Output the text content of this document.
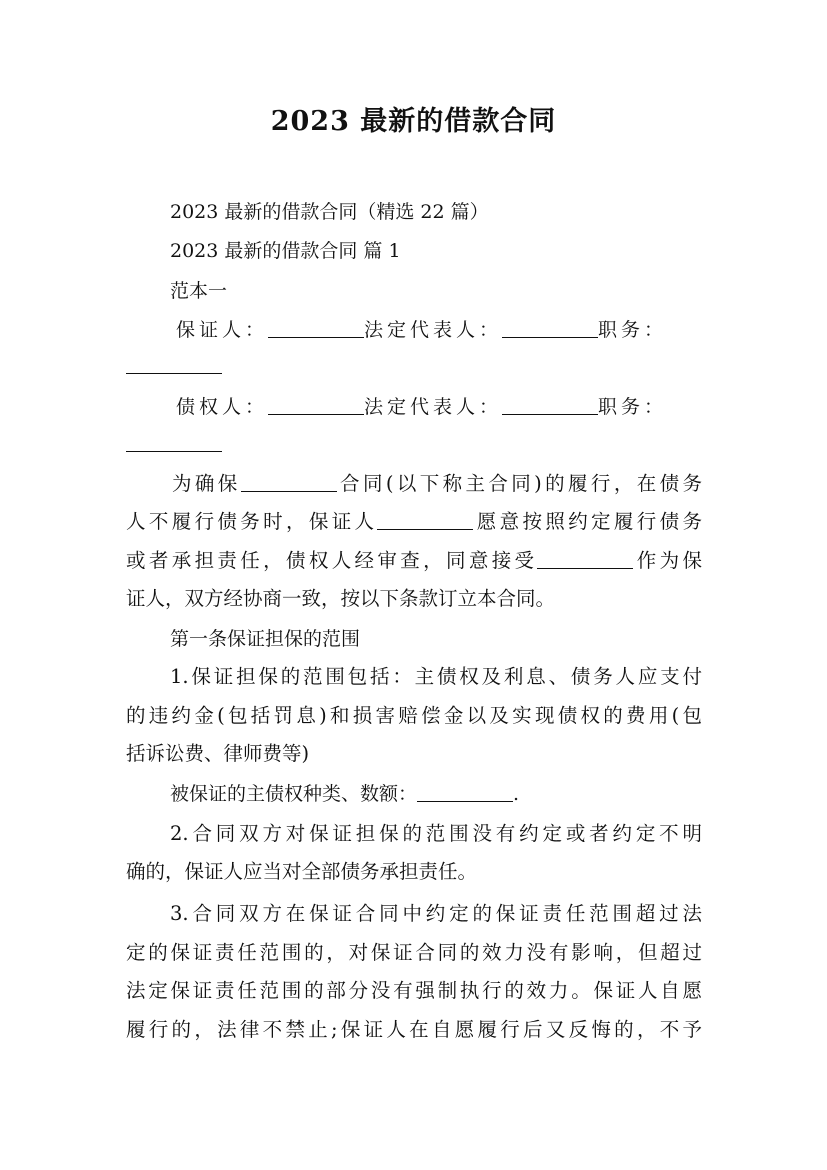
2023 最新的借款合同
2023 最新的借款合同（精选 22 篇）
2023 最新的借款合同 篇 1
范本一
保证人：	法定代表人：	职务：
债权人：	法定代表人：	职务：
为确保	合同(以下称主合同)的履行，在债务
人不履行债务时，保证人	愿意按照约定履行债务
或者承担责任，债权人经审查，同意接受	作为保
证人，双方经协商一致，按以下条款订立本合同。
第一条保证担保的范围
1.保证担保的范围包括：主债权及利息、债务人应支付
的违约金(包括罚息)和损害赔偿金以及实现债权的费用(包
括诉讼费、律师费等)
被保证的主债权种类、数额：	.
2.合同双方对保证担保的范围没有约定或者约定不明
确的，保证人应当对全部债务承担责任。
3.合同双方在保证合同中约定的保证责任范围超过法
定的保证责任范围的，对保证合同的效力没有影响，但超过
法定保证责任范围的部分没有强制执行的效力。保证人自愿
履行的，法律不禁止;保证人在自愿履行后又反悔的，不予
